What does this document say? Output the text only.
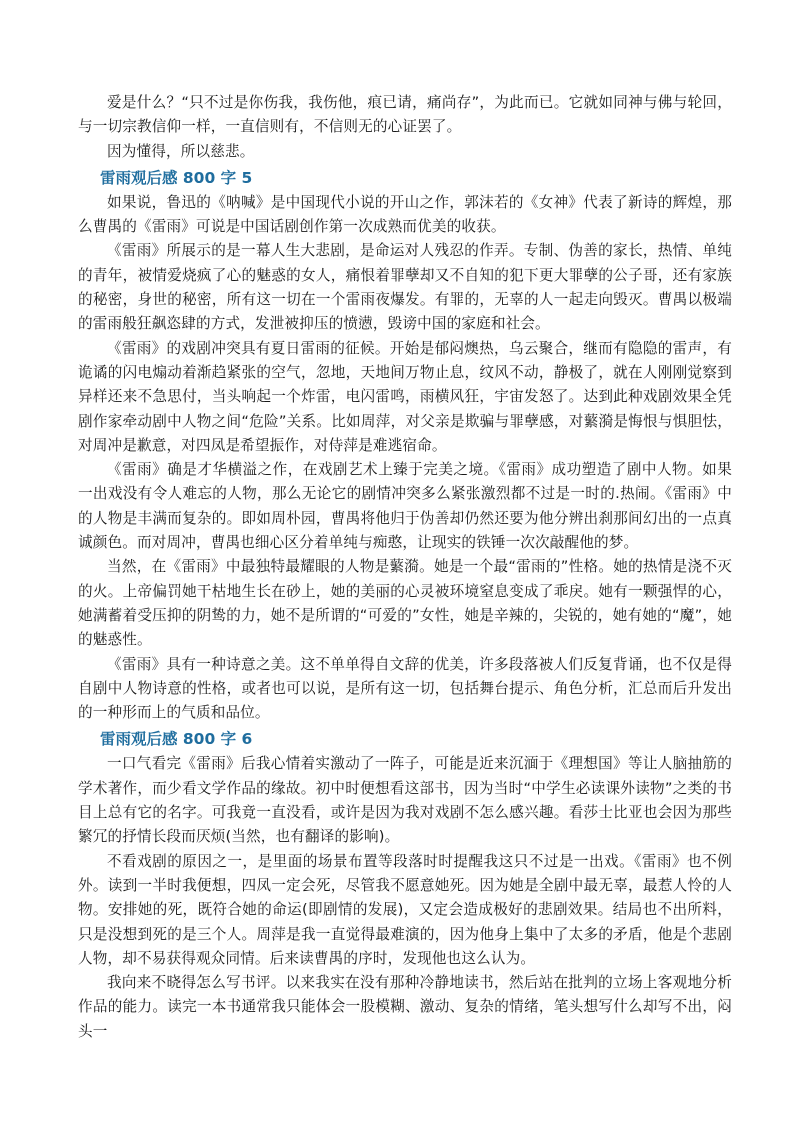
爱是什么？“只不过是你伤我，我伤他，痕已请，痛尚存”，为此而已。它就如同神与佛与轮回，与一切宗教信仰一样，一直信则有，不信则无的心证罢了。

因为懂得，所以慈悲。

雷雨观后感 800 字 5

如果说，鲁迅的《呐喊》是中国现代小说的开山之作，郭沫若的《女神》代表了新诗的辉煌，那么曹禺的《雷雨》可说是中国话剧创作第一次成熟而优美的收获。

《雷雨》所展示的是一幕人生大悲剧，是命运对人残忍的作弄。专制、伪善的家长，热情、单纯的青年，被情爱烧疯了心的魅惑的女人，痛恨着罪孽却又不自知的犯下更大罪孽的公子哥，还有家族的秘密，身世的秘密，所有这一切在一个雷雨夜爆发。有罪的，无辜的人一起走向毁灭。曹禺以极端的雷雨般狂飙恣肆的方式，发泄被抑压的愤懑，毁谤中国的家庭和社会。

《雷雨》的戏剧冲突具有夏日雷雨的征候。开始是郁闷燠热，乌云聚合，继而有隐隐的雷声，有诡谲的闪电煽动着渐趋紧张的空气，忽地，天地间万物止息，纹风不动，静极了，就在人刚刚觉察到异样还来不急思付，当头响起一个炸雷，电闪雷鸣，雨横风狂，宇宙发怒了。达到此种戏剧效果全凭剧作家牵动剧中人物之间“危险”关系。比如周萍，对父亲是欺骗与罪孽感，对蘩漪是悔恨与惧胆怯，对周冲是歉意，对四凤是希望振作，对侍萍是难逃宿命。

《雷雨》确是才华横溢之作，在戏剧艺术上臻于完美之境。《雷雨》成功塑造了剧中人物。如果一出戏没有令人难忘的人物，那么无论它的剧情冲突多么紧张激烈都不过是一时的.热闹。《雷雨》中的人物是丰满而复杂的。即如周朴园，曹禺将他归于伪善却仍然还要为他分辨出刹那间幻出的一点真诚颜色。而对周冲，曹禺也细心区分着单纯与痴憨，让现实的铁锤一次次敲醒他的梦。

当然，在《雷雨》中最独特最耀眼的人物是蘩漪。她是一个最“雷雨的”性格。她的热情是浇不灭的火。上帝偏罚她干枯地生长在砂上，她的美丽的心灵被环境窒息变成了乖戾。她有一颗强悍的心，她满蓄着受压抑的阴鸷的力，她不是所谓的“可爱的”女性，她是辛辣的，尖锐的，她有她的“魔”，她的魅惑性。

《雷雨》具有一种诗意之美。这不单单得自文辞的优美，许多段落被人们反复背诵，也不仅是得自剧中人物诗意的性格，或者也可以说，是所有这一切，包括舞台提示、角色分析，汇总而后升发出的一种形而上的气质和品位。

雷雨观后感 800 字 6

一口气看完《雷雨》后我心情着实激动了一阵子，可能是近来沉湎于《理想国》等让人脑抽筋的学术著作，而少看文学作品的缘故。初中时便想看这部书，因为当时“中学生必读课外读物”之类的书目上总有它的名字。可我竟一直没看，或许是因为我对戏剧不怎么感兴趣。看莎士比亚也会因为那些繁冗的抒情长段而厌烦(当然，也有翻译的影响)。

不看戏剧的原因之一，是里面的场景布置等段落时时提醒我这只不过是一出戏。《雷雨》也不例外。读到一半时我便想，四凤一定会死，尽管我不愿意她死。因为她是全剧中最无辜，最惹人怜的人物。安排她的死，既符合她的命运(即剧情的发展)，又定会造成极好的悲剧效果。结局也不出所料，只是没想到死的是三个人。周萍是我一直觉得最难演的，因为他身上集中了太多的矛盾，他是个悲剧人物，却不易获得观众同情。后来读曹禺的序时，发现他也这么认为。

我向来不晓得怎么写书评。以来我实在没有那种冷静地读书，然后站在批判的立场上客观地分析作品的能力。读完一本书通常我只能体会一股模糊、激动、复杂的情绪，笔头想写什么却写不出，闷头一
